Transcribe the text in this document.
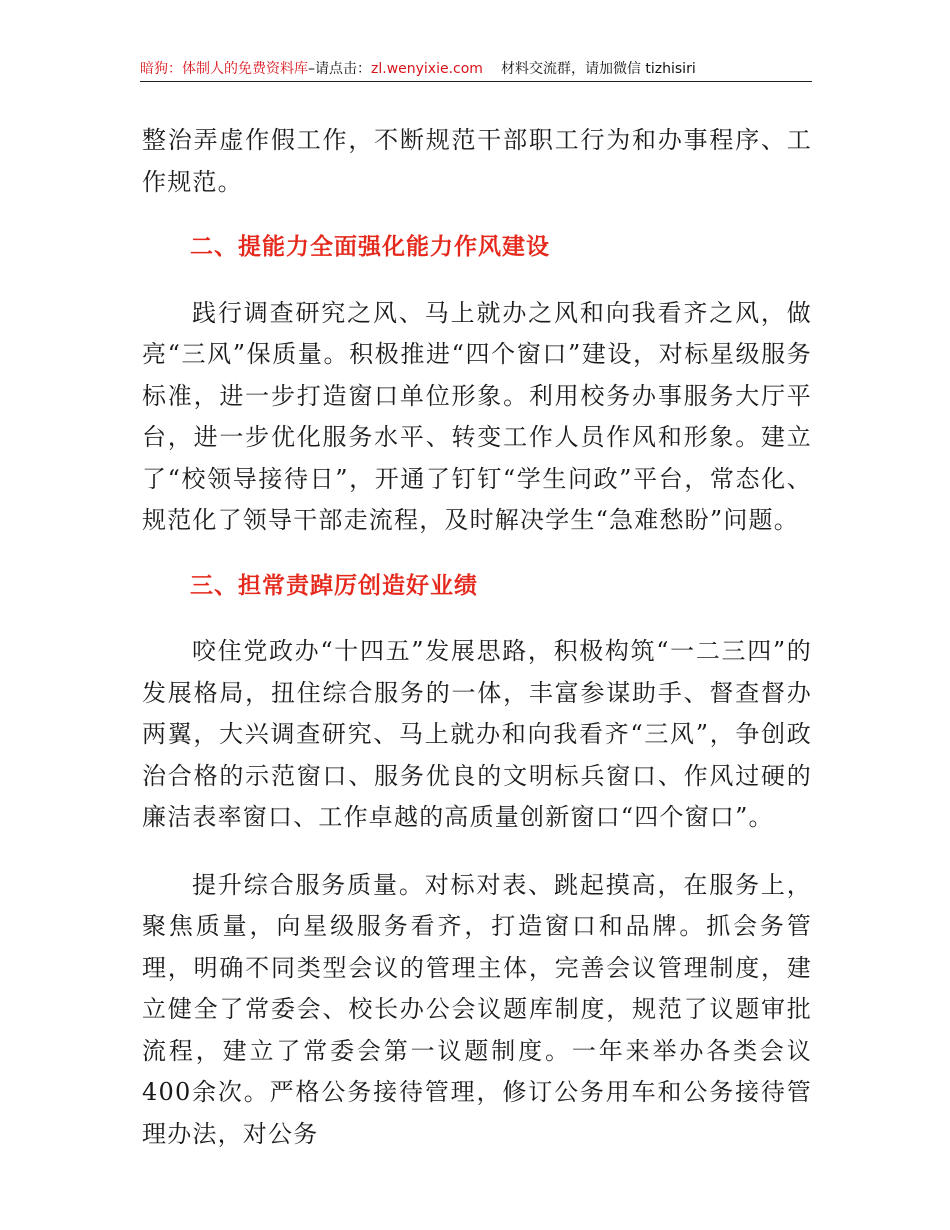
暗狗：体制人的免费资料库–请点击：zl.wenyixie.com 材料交流群，请加微信 tizhisiri

整治弄虚作假工作，不断规范干部职工行为和办事程序、工作规范。

二、提能力全面强化能力作风建设

践行调查研究之风、马上就办之风和向我看齐之风，做亮“三风”保质量。积极推进“四个窗口”建设，对标星级服务标准，进一步打造窗口单位形象。利用校务办事服务大厅平台，进一步优化服务水平、转变工作人员作风和形象。建立了“校领导接待日”，开通了钉钉“学生问政”平台，常态化、规范化了领导干部走流程，及时解决学生“急难愁盼”问题。

三、担常责踔厉创造好业绩

咬住党政办“十四五”发展思路，积极构筑“一二三四”的发展格局，扭住综合服务的一体，丰富参谋助手、督查督办两翼，大兴调查研究、马上就办和向我看齐“三风”，争创政治合格的示范窗口、服务优良的文明标兵窗口、作风过硬的廉洁表率窗口、工作卓越的高质量创新窗口“四个窗口”。

提升综合服务质量。对标对表、跳起摸高，在服务上，聚焦质量，向星级服务看齐，打造窗口和品牌。抓会务管理，明确不同类型会议的管理主体，完善会议管理制度，建立健全了常委会、校长办公会议题库制度，规范了议题审批流程，建立了常委会第一议题制度。一年来举办各类会议400余次。严格公务接待管理，修订公务用车和公务接待管理办法，对公务
